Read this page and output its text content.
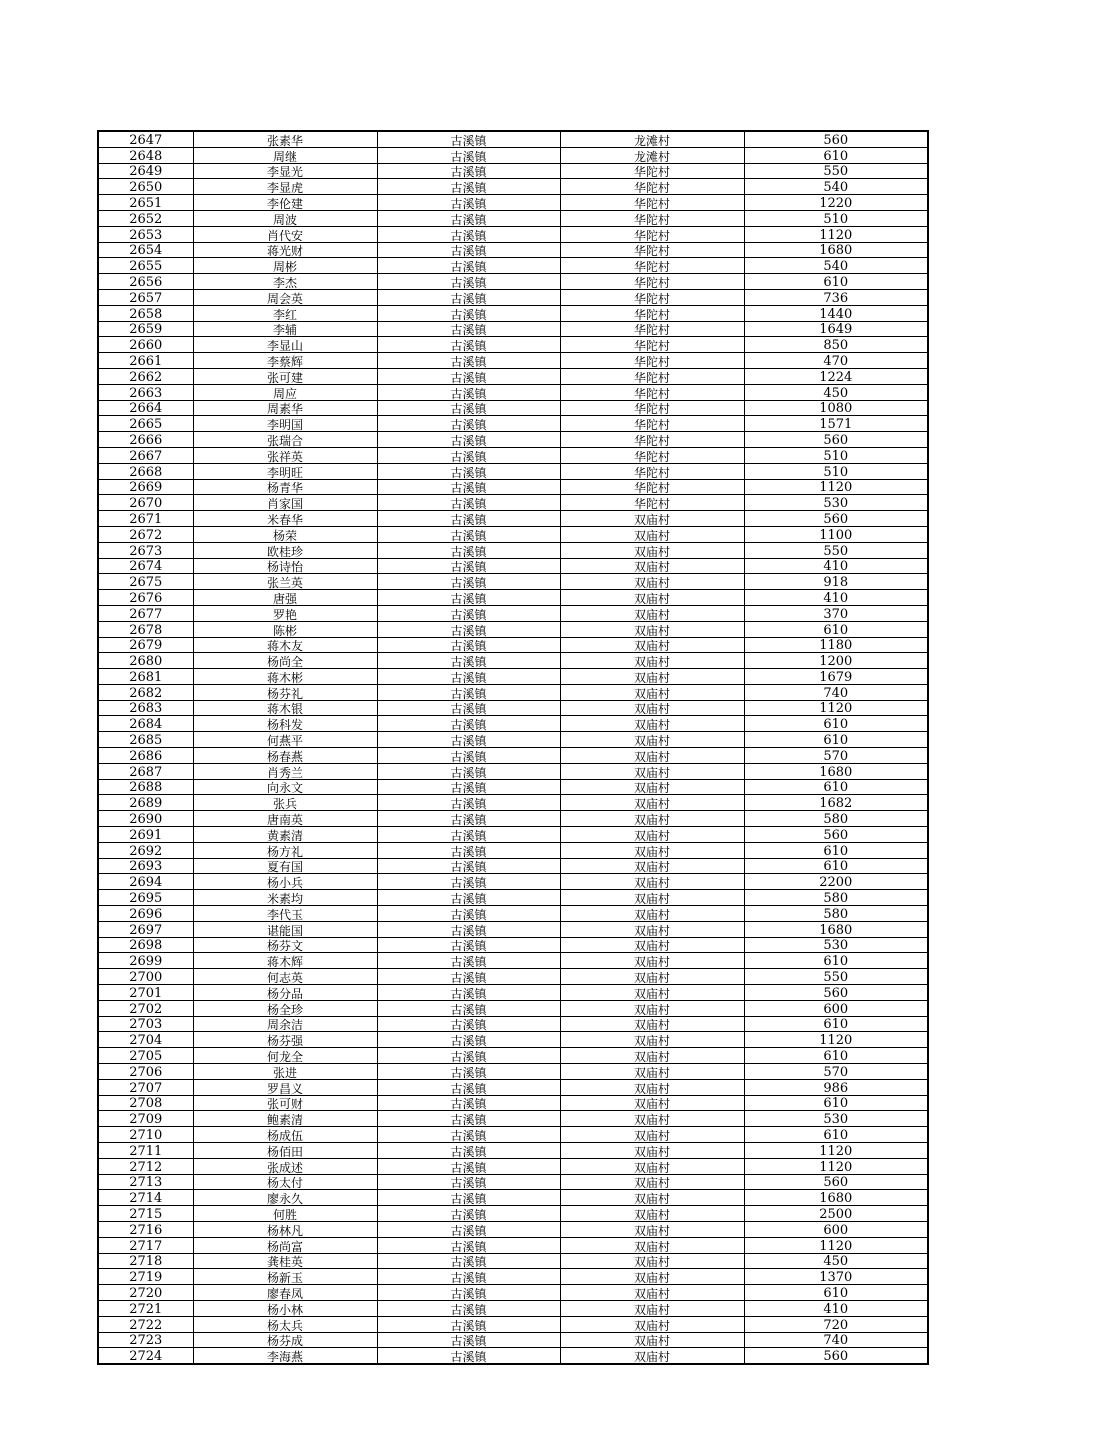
2647	张素华	古溪镇	龙滩村	560
2648	周继	古溪镇	龙滩村	610
2649	李显光	古溪镇	华陀村	550
2650	李显虎	古溪镇	华陀村	540
2651	李伦建	古溪镇	华陀村	1220
2652	周波	古溪镇	华陀村	510
2653	肖代安	古溪镇	华陀村	1120
2654	蒋光财	古溪镇	华陀村	1680
2655	周彬	古溪镇	华陀村	540
2656	李杰	古溪镇	华陀村	610
2657	周会英	古溪镇	华陀村	736
2658	李红	古溪镇	华陀村	1440
2659	李辅	古溪镇	华陀村	1649
2660	李显山	古溪镇	华陀村	850
2661	李蔡辉	古溪镇	华陀村	470
2662	张可建	古溪镇	华陀村	1224
2663	周应	古溪镇	华陀村	450
2664	周素华	古溪镇	华陀村	1080
2665	李明国	古溪镇	华陀村	1571
2666	张瑞合	古溪镇	华陀村	560
2667	张祥英	古溪镇	华陀村	510
2668	李明旺	古溪镇	华陀村	510
2669	杨青华	古溪镇	华陀村	1120
2670	肖家国	古溪镇	华陀村	530
2671	米春华	古溪镇	双庙村	560
2672	杨荣	古溪镇	双庙村	1100
2673	欧桂珍	古溪镇	双庙村	550
2674	杨诗怡	古溪镇	双庙村	410
2675	张兰英	古溪镇	双庙村	918
2676	唐强	古溪镇	双庙村	410
2677	罗艳	古溪镇	双庙村	370
2678	陈彬	古溪镇	双庙村	610
2679	蒋木友	古溪镇	双庙村	1180
2680	杨尚全	古溪镇	双庙村	1200
2681	蒋木彬	古溪镇	双庙村	1679
2682	杨芬礼	古溪镇	双庙村	740
2683	蒋木银	古溪镇	双庙村	1120
2684	杨科发	古溪镇	双庙村	610
2685	何燕平	古溪镇	双庙村	610
2686	杨春燕	古溪镇	双庙村	570
2687	肖秀兰	古溪镇	双庙村	1680
2688	向永文	古溪镇	双庙村	610
2689	张兵	古溪镇	双庙村	1682
2690	唐南英	古溪镇	双庙村	580
2691	黄素清	古溪镇	双庙村	560
2692	杨方礼	古溪镇	双庙村	610
2693	夏有国	古溪镇	双庙村	610
2694	杨小兵	古溪镇	双庙村	2200
2695	米素均	古溪镇	双庙村	580
2696	李代玉	古溪镇	双庙村	580
2697	谌能国	古溪镇	双庙村	1680
2698	杨芬文	古溪镇	双庙村	530
2699	蒋木辉	古溪镇	双庙村	610
2700	何志英	古溪镇	双庙村	550
2701	杨分品	古溪镇	双庙村	560
2702	杨全珍	古溪镇	双庙村	600
2703	周余洁	古溪镇	双庙村	610
2704	杨芬强	古溪镇	双庙村	1120
2705	何龙全	古溪镇	双庙村	610
2706	张进	古溪镇	双庙村	570
2707	罗昌义	古溪镇	双庙村	986
2708	张可财	古溪镇	双庙村	610
2709	鲍素清	古溪镇	双庙村	530
2710	杨成伍	古溪镇	双庙村	610
2711	杨佰田	古溪镇	双庙村	1120
2712	张成述	古溪镇	双庙村	1120
2713	杨太付	古溪镇	双庙村	560
2714	廖永久	古溪镇	双庙村	1680
2715	何胜	古溪镇	双庙村	2500
2716	杨林凡	古溪镇	双庙村	600
2717	杨尚富	古溪镇	双庙村	1120
2718	龚桂英	古溪镇	双庙村	450
2719	杨新玉	古溪镇	双庙村	1370
2720	廖春凤	古溪镇	双庙村	610
2721	杨小林	古溪镇	双庙村	410
2722	杨太兵	古溪镇	双庙村	720
2723	杨芬成	古溪镇	双庙村	740
2724	李海燕	古溪镇	双庙村	560
